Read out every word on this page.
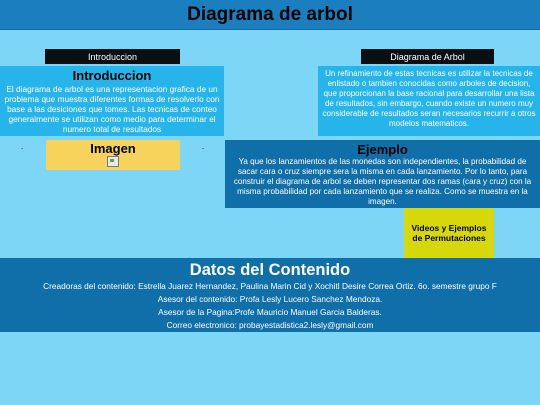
Diagrama de arbol
Introduccion	Diagrama de Arbol
Introduccion

El diagrama de arbol es una representacion grafica de un problema que muestra diferentes formas de resolverlo con base a las desiciones que tomes. Las tecnicas de conteo generalmente se utilizan como medio para determinar el numero total de resultados

Un refinamiento de estas tecnicas es utilizar la tecnicas de enlistado o tambien conocidas como arboles de decision, que proporcionan la base racional para desarrollar una lista de resultados, sin embargo, cuando existe un numero muy considerable de resultados seran necesarios recurrir a otros modelos matematicos.

.	.
Imagen	Ejemplo

Ya que los lanzamientos de las monedas son independientes, la probabilidad de sacar cara o cruz siempre sera la misma en cada lanzamiento. Por lo tanto, para construir el diagrama de arbol se deben representar dos ramas (cara y cruz) con la misma probabilidad por cada lanzamiento que se realiza. Como se muestra en la imagen.

Videos y Ejemplos de Permutaciones
Datos del Contenido

Creadoras del contenido: Estrella Juarez Hernandez, Paulina Marin Cid y Xochitl Desire Correa Ortiz. 6o. semestre grupo F

Asesor del contenido: Profa Lesly Lucero Sanchez Mendoza.

Asesor de la Pagina:Profe Mauricio Manuel Garcia Balderas.

Correo electronico: probayestadistica2.lesly@gmail.com
